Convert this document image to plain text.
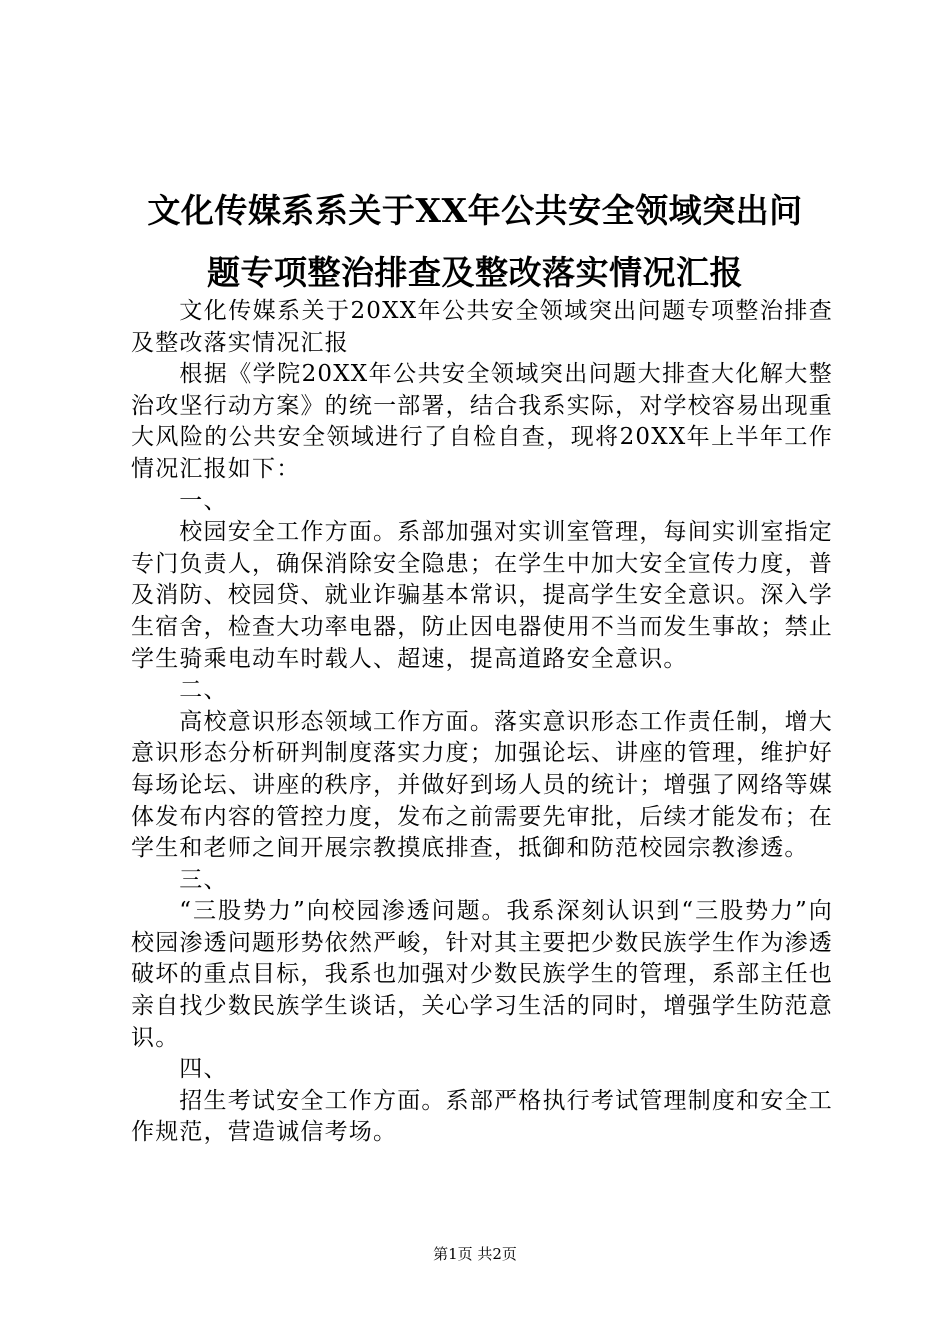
文化传媒系系关于XX年公共安全领域突出问
题专项整治排查及整改落实情况汇报

文化传媒系关于20XX年公共安全领域突出问题专项整治排查及整改落实情况汇报

根据《学院20XX年公共安全领域突出问题大排查大化解大整治攻坚行动方案》的统一部署，结合我系实际，对学校容易出现重大风险的公共安全领域进行了自检自查，现将20XX年上半年工作情况汇报如下：

一、

校园安全工作方面。系部加强对实训室管理，每间实训室指定专门负责人，确保消除安全隐患；在学生中加大安全宣传力度，普及消防、校园贷、就业诈骗基本常识，提高学生安全意识。深入学生宿舍，检查大功率电器，防止因电器使用不当而发生事故；禁止学生骑乘电动车时载人、超速，提高道路安全意识。

二、

高校意识形态领域工作方面。落实意识形态工作责任制，增大意识形态分析研判制度落实力度；加强论坛、讲座的管理，维护好每场论坛、讲座的秩序，并做好到场人员的统计；增强了网络等媒体发布内容的管控力度，发布之前需要先审批，后续才能发布；在学生和老师之间开展宗教摸底排查，抵御和防范校园宗教渗透。

三、

“三股势力”向校园渗透问题。我系深刻认识到“三股势力”向校园渗透问题形势依然严峻，针对其主要把少数民族学生作为渗透破坏的重点目标，我系也加强对少数民族学生的管理，系部主任也亲自找少数民族学生谈话，关心学习生活的同时，增强学生防范意识。

四、

招生考试安全工作方面。系部严格执行考试管理制度和安全工作规范，营造诚信考场。

第1页 共2页
